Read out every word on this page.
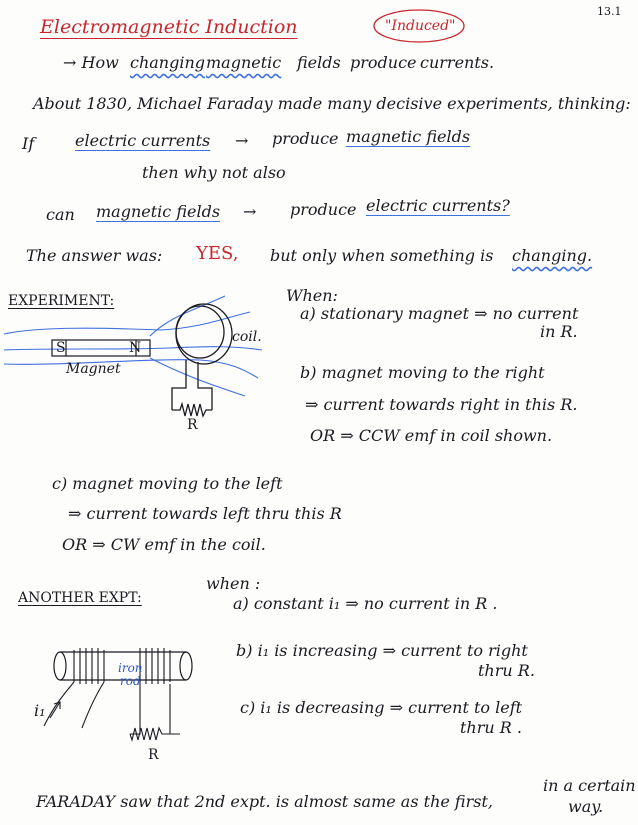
13.1
Electromagnetic Induction	"Induced"
→ How changing magnetic fields produce currents.
About 1830, Michael Faraday made many decisive experiments, thinking:
If	electric currents → produce magnetic fields
then why not also
can magnetic fields → produce electric currents?
The answer was: YES, but only when something is changing.
EXPERIMENT:
S	N
Magnet
coil.
R
When:
a) stationary magnet ⇒ no current
in R.
b) magnet moving to the right
⇒ current towards right in this R.
OR ⇒ CCW emf in coil shown.
c) magnet moving to the left
⇒ current towards left thru this R
OR ⇒ CW emf in the coil.
ANOTHER EXPT:
iron
rod
i₁
R
when :
a) constant i₁ ⇒ no current in R .
b) i₁ is increasing ⇒ current to right
thru R.
c) i₁ is decreasing ⇒ current to left
thru R .
FARADAY saw that 2nd expt. is almost same as the first,
in a certain
way.
